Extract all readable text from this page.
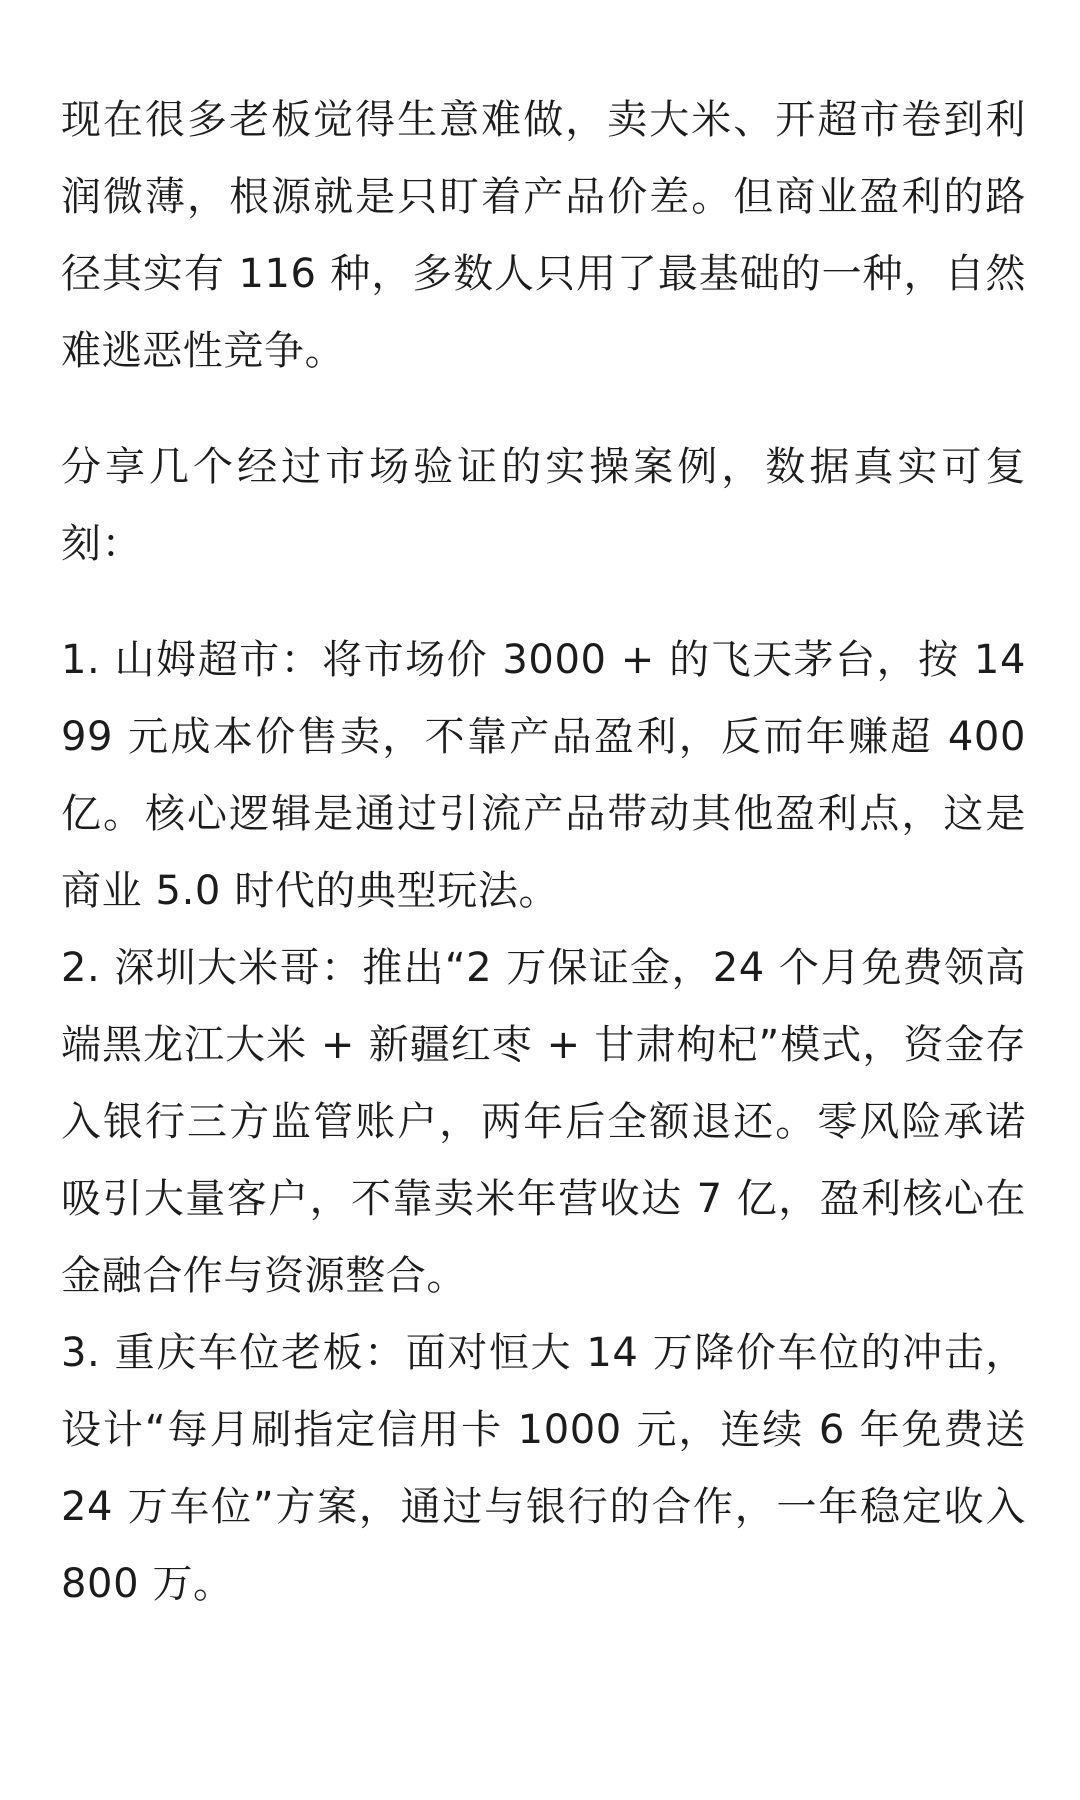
现在很多老板觉得生意难做，卖大米、开超市卷到利润微薄，根源就是只盯着产品价差。但商业盈利的路径其实有 116 种，多数人只用了最基础的一种，自然难逃恶性竞争。

分享几个经过市场验证的实操案例，数据真实可复刻：

1. 山姆超市：将市场价 3000 + 的飞天茅台，按 1499 元成本价售卖，不靠产品盈利，反而年赚超 400 亿。核心逻辑是通过引流产品带动其他盈利点，这是商业 5.0 时代的典型玩法。

2. 深圳大米哥：推出“2 万保证金，24 个月免费领高端黑龙江大米 + 新疆红枣 + 甘肃枸杞”模式，资金存入银行三方监管账户，两年后全额退还。零风险承诺吸引大量客户，不靠卖米年营收达 7 亿，盈利核心在金融合作与资源整合。

3. 重庆车位老板：面对恒大 14 万降价车位的冲击，设计“每月刷指定信用卡 1000 元，连续 6 年免费送 24 万车位”方案，通过与银行的合作，一年稳定收入 800 万。
